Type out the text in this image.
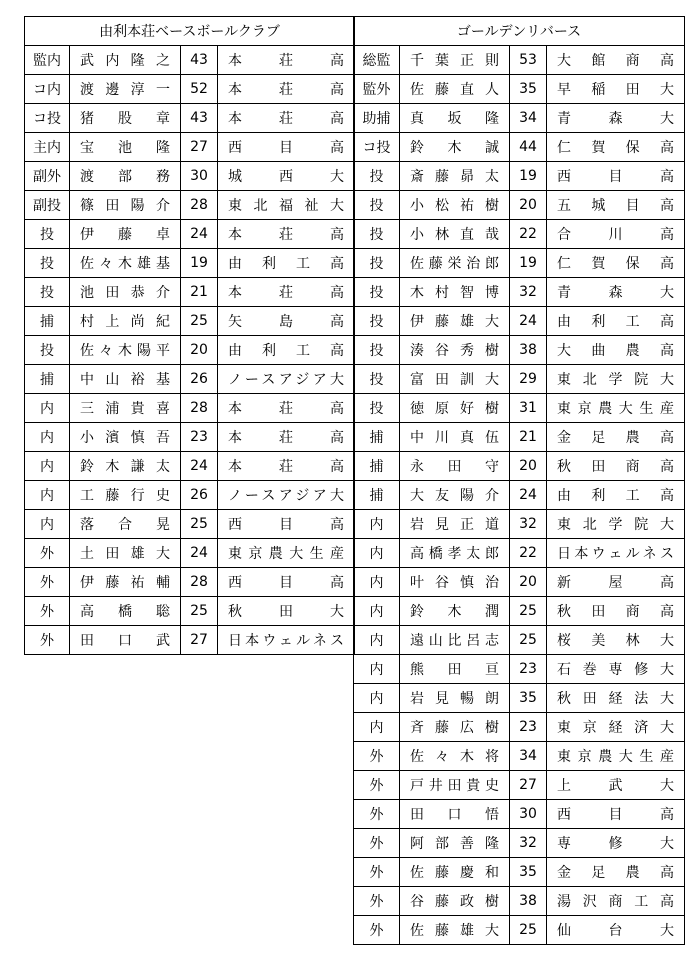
由利本荘ベースボールクラブ			
監内	武内隆之	43	本荘高
コ内	渡邊淳一	52	本荘高
コ投	猪股章	43	本荘高
主内	宝池隆	27	西目高
副外	渡部務	30	城西大
副投	篠田陽介	28	東北福祉大
投	伊藤卓	24	本荘高
投	佐々木雄基	19	由利工高
投	池田恭介	21	本荘高
捕	村上尚紀	25	矢島高
投	佐々木陽平	20	由利工高
捕	中山裕基	26	ノースアジア大
内	三浦貴喜	28	本荘高
内	小濱慎吾	23	本荘高
内	鈴木謙太	24	本荘高
内	工藤行史	26	ノースアジア大
内	落合晃	25	西目高
外	土田雄大	24	東京農大生産
外	伊藤祐輔	28	西目高
外	高橋聡	25	秋田大
外	田口武	27	日本ウェルネス
ゴールデンリバース			
総監	千葉正則	53	大館商高
監外	佐藤直人	35	早稲田大
助捕	真坂隆	34	青森大
コ投	鈴木誠	44	仁賀保高
投	斎藤昴太	19	西目高
投	小松祐樹	20	五城目高
投	小林直哉	22	合川高
投	佐藤栄治郎	19	仁賀保高
投	木村智博	32	青森大
投	伊藤雄大	24	由利工高
投	湊谷秀樹	38	大曲農高
投	富田訓大	29	東北学院大
投	徳原好樹	31	東京農大生産
捕	中川真伍	21	金足農高
捕	永田守	20	秋田商高
捕	大友陽介	24	由利工高
内	岩見正道	32	東北学院大
内	高橋孝太郎	22	日本ウェルネス
内	叶谷慎治	20	新屋高
内	鈴木潤	25	秋田商高
内	遠山比呂志	25	桜美林大
内	熊田亘	23	石巻専修大
内	岩見暢朗	35	秋田経法大
内	斉藤広樹	23	東京経済大
外	佐々木将	34	東京農大生産
外	戸井田貴史	27	上武大
外	田口悟	30	西目高
外	阿部善隆	32	専修大
外	佐藤慶和	35	金足農高
外	谷藤政樹	38	湯沢商工高
外	佐藤雄大	25	仙台大
